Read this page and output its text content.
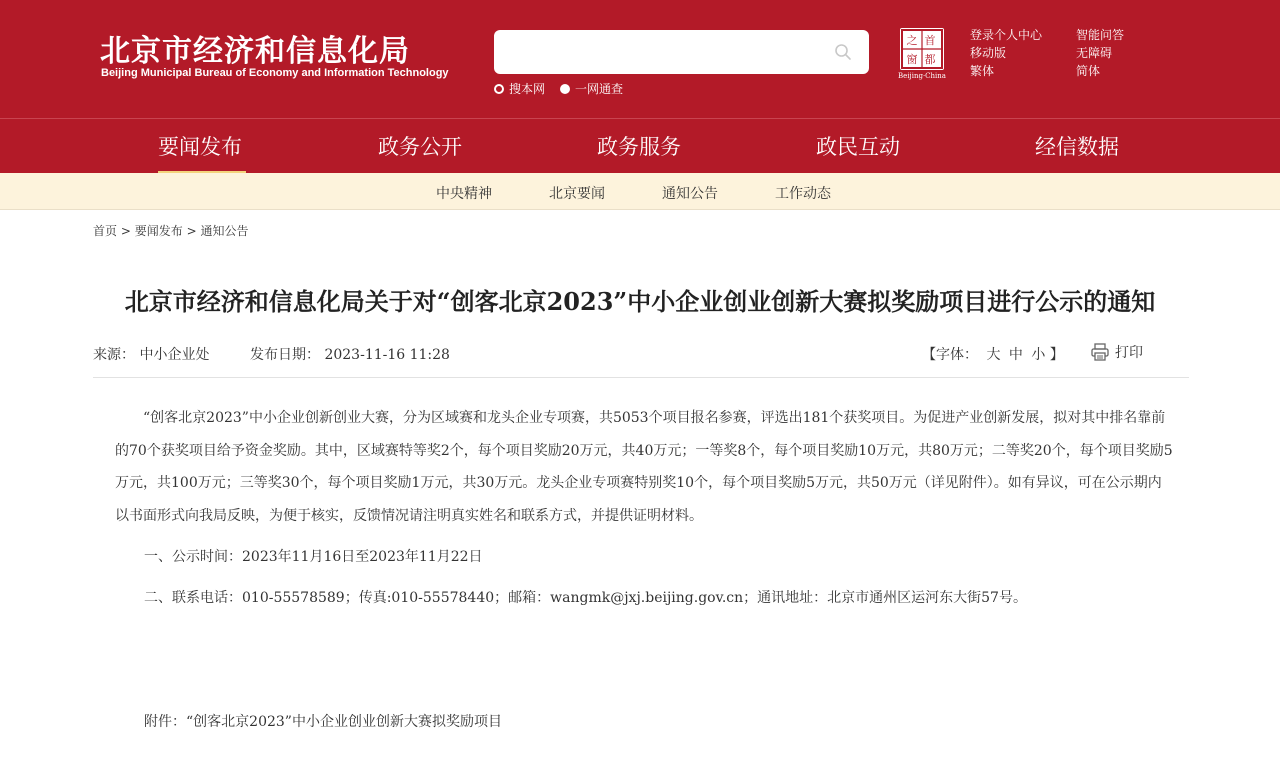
北京市经济和信息化局
Beijing Municipal Bureau of Economy and Information Technology
搜本网 一网通查
首
都
之
窗
Beijing·China
登录个人中心
移动版
繁体
智能问答
无障碍
简体
要闻发布	政务公开	政务服务	政民互动	经信数据
中央精神	北京要闻	通知公告	工作动态
首页 > 要闻发布 > 通知公告
北京市经济和信息化局关于对“创客北京2023”中小企业创业创新大赛拟奖励项目进行公示的通知
来源： 中小企业处	发布日期： 2023-11-16 11:28	【字体： 大 中 小 】	打印
“创客北京2023”中小企业创新创业大赛，分为区域赛和龙头企业专项赛，共5053个项目报名参赛，评选出181个获奖项目。为促进产业创新发展，拟对其中排名靠前的70个获奖项目给予资金奖励。其中，区域赛特等奖2个，每个项目奖励20万元，共40万元；一等奖8个，每个项目奖励10万元，共80万元；二等奖20个，每个项目奖励5万元，共100万元；三等奖30个，每个项目奖励1万元，共30万元。龙头企业专项赛特别奖10个，每个项目奖励5万元，共50万元（详见附件）。如有异议，可在公示期内以书面形式向我局反映，为便于核实，反馈情况请注明真实姓名和联系方式，并提供证明材料。
一、公示时间：2023年11月16日至2023年11月22日
二、联系电话：010-55578589；传真:010-55578440；邮箱：wangmk@jxj.beijing.gov.cn；通讯地址：北京市通州区运河东大街57号。
附件：“创客北京2023”中小企业创业创新大赛拟奖励项目
